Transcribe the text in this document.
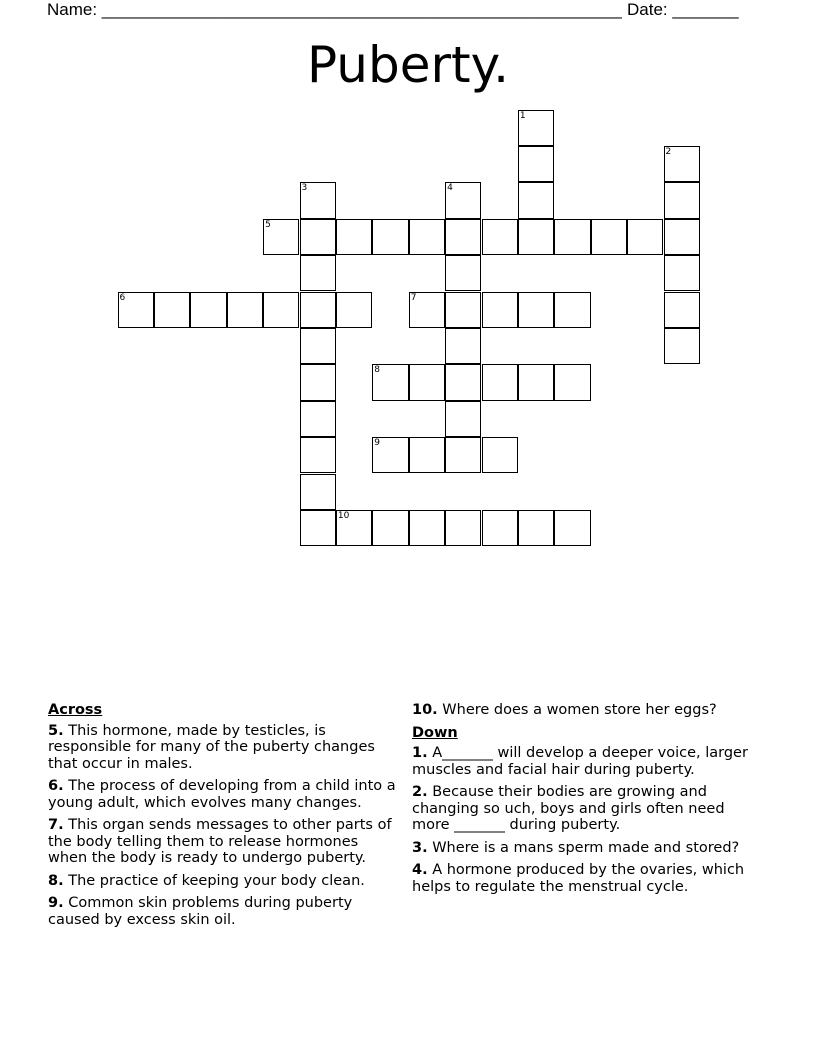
Name: _______________________________________________________ Date: _______
Puberty.
1
2
3	4
5
6	7
8
9
10
Across
5. This hormone, made by testicles, is responsible for many of the puberty changes that occur in males.
6. The process of developing from a child into a young adult, which evolves many changes.
7. This organ sends messages to other parts of the body telling them to release hormones when the body is ready to undergo puberty.
8. The practice of keeping your body clean.
9. Common skin problems during puberty caused by excess skin oil.
10. Where does a women store her eggs?
Down
1. A_______ will develop a deeper voice, larger muscles and facial hair during puberty.
2. Because their bodies are growing and changing so uch, boys and girls often need more _______ during puberty.
3. Where is a mans sperm made and stored?
4. A hormone produced by the ovaries, which helps to regulate the menstrual cycle.
